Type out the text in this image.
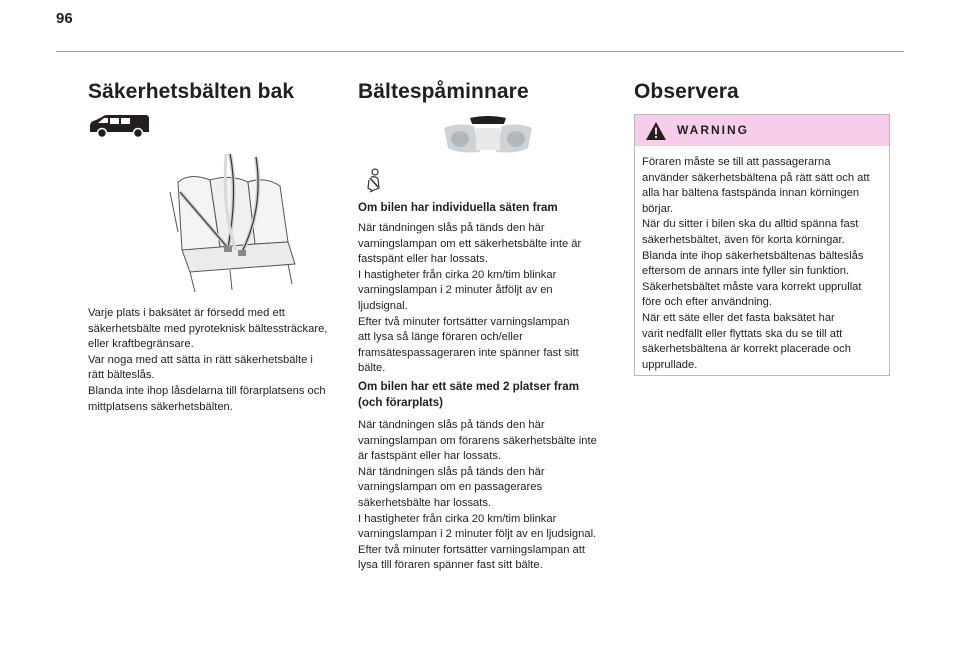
96
Säkerhetsbälten bak
Varje plats i baksätet är försedd med ett
säkerhetsbälte med pyroteknisk bältessträckare,
eller kraftbegränsare.
Var noga med att sätta in rätt säkerhetsbälte i
rätt bälteslås.
Blanda inte ihop låsdelarna till förarplatsens och
mittplatsens säkerhetsbälten.
Bältespåminnare
Om bilen har individuella säten fram
När tändningen slås på tänds den här
varningslampan om ett säkerhetsbälte inte är
fastspänt eller har lossats.
I hastigheter från cirka 20 km/tim blinkar
varningslampan i 2 minuter åtföljt av en
ljudsignal.
Efter två minuter fortsätter varningslampan
att lysa så länge föraren och/eller
framsätespassageraren inte spänner fast sitt
bälte.
Om bilen har ett säte med 2 platser fram
(och förarplats)
När tändningen slås på tänds den här
varningslampan om förarens säkerhetsbälte inte
är fastspänt eller har lossats.
När tändningen slås på tänds den här
varningslampan om en passagerares
säkerhetsbälte har lossats.
I hastigheter från cirka 20 km/tim blinkar
varningslampan i 2 minuter följt av en ljudsignal.
Efter två minuter fortsätter varningslampan att
lysa till föraren spänner fast sitt bälte.
Observera
WARNING
Föraren måste se till att passagerarna
använder säkerhetsbältena på rätt sätt och att
alla har bältena fastspända innan körningen
börjar.
När du sitter i bilen ska du alltid spänna fast
säkerhetsbältet, även för korta körningar.
Blanda inte ihop säkerhetsbältenas bälteslås
eftersom de annars inte fyller sin funktion.
Säkerhetsbältet måste vara korrekt upprullat
före och efter användning.
När ett säte eller det fasta baksätet har
varit nedfällt eller flyttats ska du se till att
säkerhetsbältena är korrekt placerade och
upprullade.
